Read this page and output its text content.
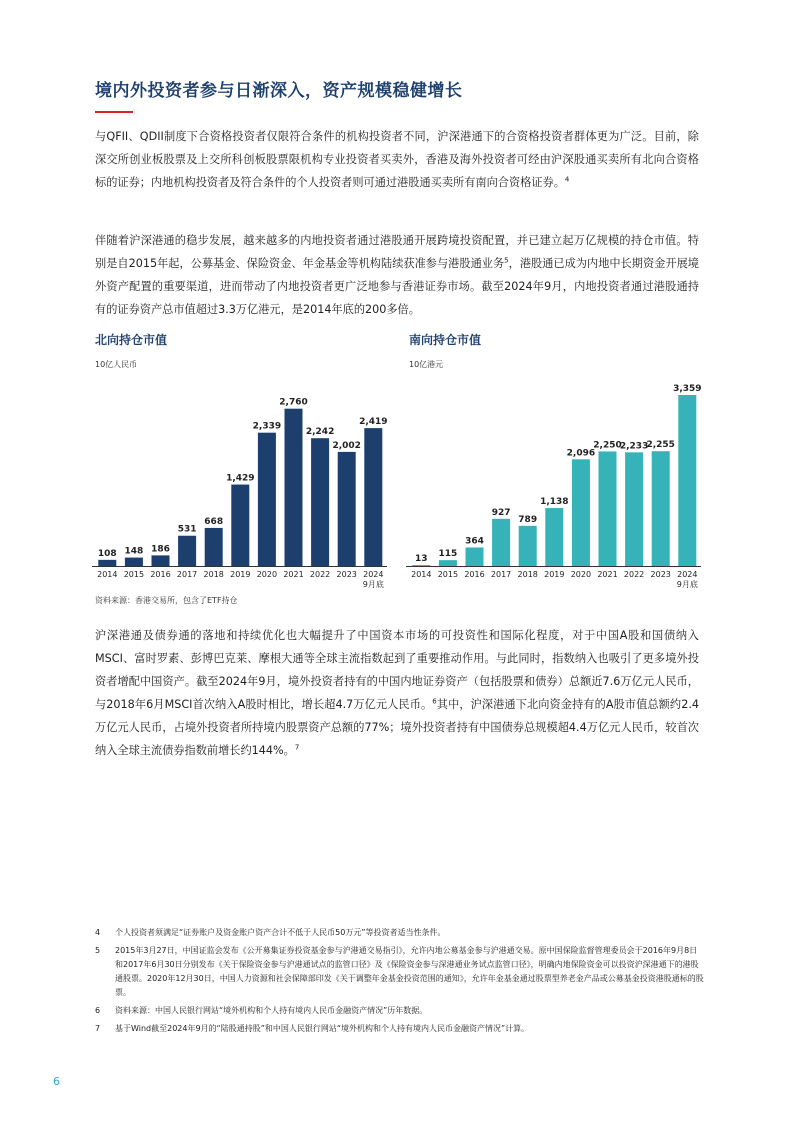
境内外投资者参与日渐深入，资产规模稳健增长

与QFII、QDII制度下合资格投资者仅限符合条件的机构投资者不同，沪深港通下的合资格投资者群体更为广泛。目前，除深交所创业板股票及上交所科创板股票限机构专业投资者买卖外，香港及海外投资者可经由沪深股通买卖所有北向合资格标的证券；内地机构投资者及符合条件的个人投资者则可通过港股通买卖所有南向合资格证券。$^4$

伴随着沪深港通的稳步发展，越来越多的内地投资者通过港股通开展跨境投资配置，并已建立起万亿规模的持仓市值。特别是自2015年起，公募基金、保险资金、年金基金等机构陆续获准参与港股通业务$^5$，港股通已成为内地中长期资金开展境外资产配置的重要渠道，进而带动了内地投资者更广泛地参与香港证券市场。截至2024年9月，内地投资者通过港股通持有的证券资产总市值超过3.3万亿港元，是2014年底的200多倍。

北向持仓市值
10亿人民币
108
2014
148
2015
186
2016
531
2017
668
2018
1,429
2019
2,339
2020
2,760
2021
2,242
2022
2,002
2023
2,419
2024
9月底
南向持仓市值
10亿港元
13
2014
115
2015
364
2016
927
2017
789
2018
1,138
2019
2,096
2020
2,250
2021
2,233
2022
2,255
2023
3,359
2024
9月底
资料来源：香港交易所，包含了ETF持仓

沪深港通及债券通的落地和持续优化也大幅提升了中国资本市场的可投资性和国际化程度，对于中国A股和国债纳入MSCI、富时罗素、彭博巴克莱、摩根大通等全球主流指数起到了重要推动作用。与此同时，指数纳入也吸引了更多境外投资者增配中国资产。截至2024年9月，境外投资者持有的中国内地证券资产（包括股票和债券）总额近7.6万亿元人民币，与2018年6月MSCI首次纳入A股时相比，增长超4.7万亿元人民币。$^6$其中，沪深港通下北向资金持有的A股市值总额约2.4万亿元人民币，占境外投资者所持境内股票资产总额的77%；境外投资者持有中国债券总规模超4.4万亿元人民币，较首次纳入全球主流债券指数前增长约144%。$^7$

4 个人投资者须满足“证券账户及资金账户资产合计不低于人民币50万元”等投资者适当性条件。
5 2015年3月27日，中国证监会发布《公开募集证券投资基金参与沪港通交易指引》，允许内地公募基金参与沪港通交易。原中国保险监督管理委员会于2016年9月8日和2017年6月30日分别发布《关于保险资金参与沪港通试点的监管口径》及《保险资金参与深港通业务试点监管口径》，明确内地保险资金可以投资沪深港通下的港股通股票。2020年12月30日，中国人力资源和社会保障部印发《关于调整年金基金投资范围的通知》，允许年金基金通过股票型养老金产品或公募基金投资港股通标的股票。
6 资料来源：中国人民银行网站“境外机构和个人持有境内人民币金融资产情况”历年数据。
7 基于Wind截至2024年9月的“陆股通持股”和中国人民银行网站“境外机构和个人持有境内人民币金融资产情况”计算。
6
